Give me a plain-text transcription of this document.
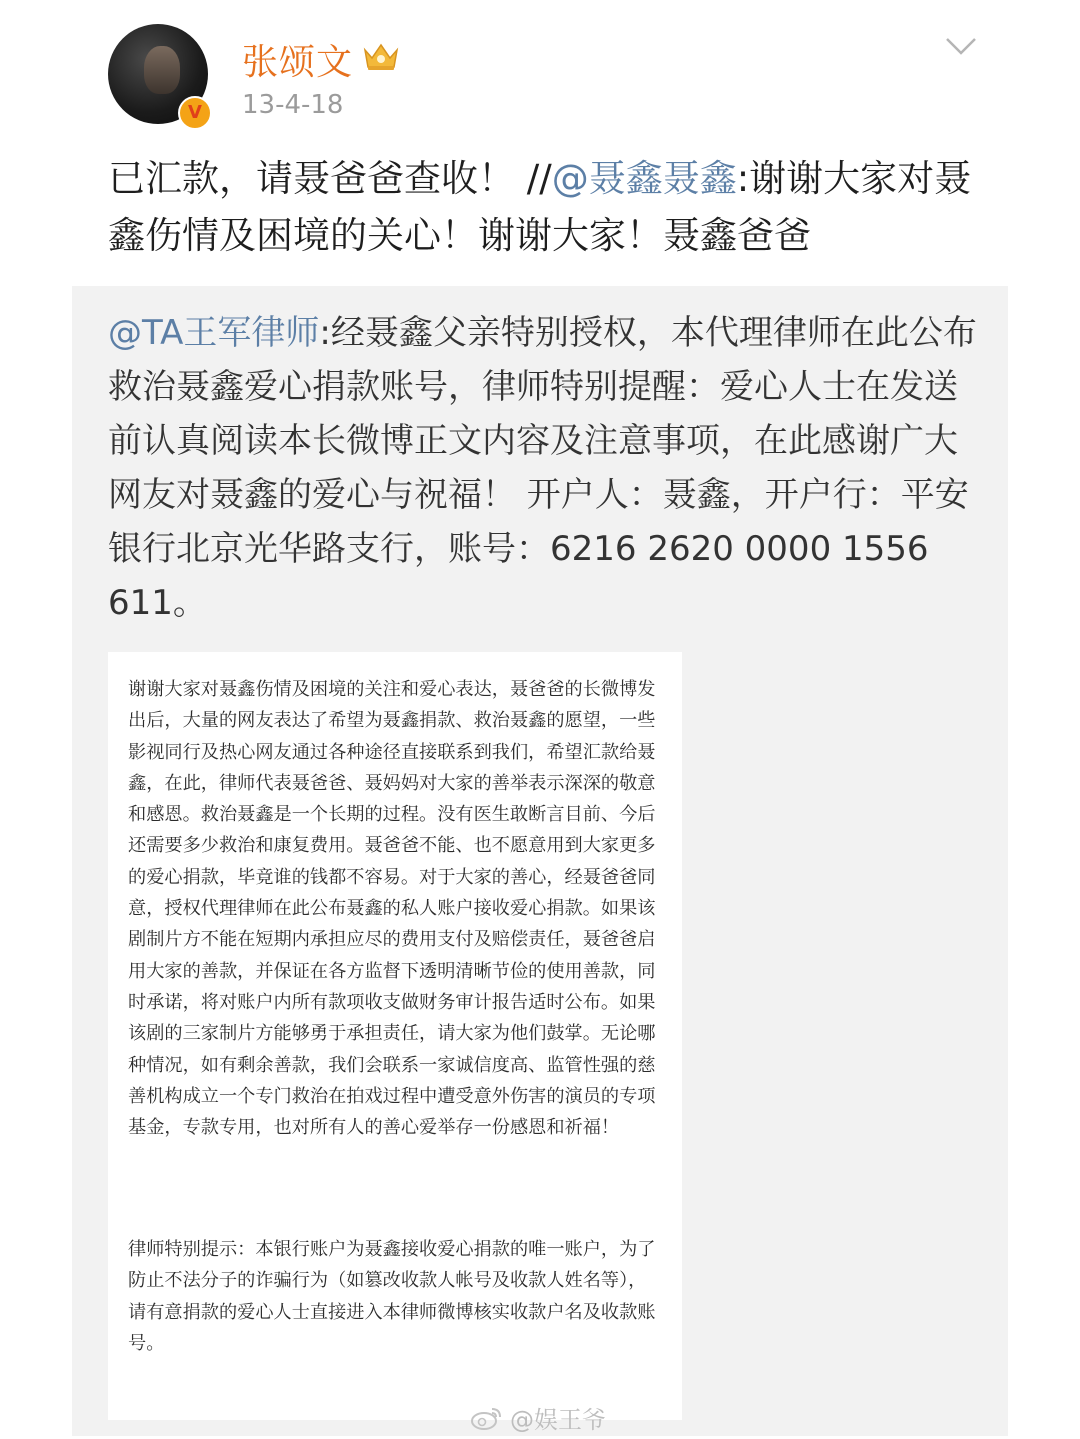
V
张颂文
13-4-18
已汇款，请聂爸爸查收！ //@聂鑫聂鑫:谢谢大家对聂鑫伤情及困境的关心！谢谢大家！聂鑫爸爸
@TA王军律师:经聂鑫父亲特别授权，本代理律师在此公布救治聂鑫爱心捐款账号，律师特别提醒：爱心人士在发送前认真阅读本长微博正文内容及注意事项，在此感谢广大网友对聂鑫的爱心与祝福！ 开户人：聂鑫，开户行：平安银行北京光华路支行，账号：6216 2620 0000 1556 611。
谢谢大家对聂鑫伤情及困境的关注和爱心表达，聂爸爸的长微博发出后，大量的网友表达了希望为聂鑫捐款、救治聂鑫的愿望，一些影视同行及热心网友通过各种途径直接联系到我们，希望汇款给聂鑫，在此，律师代表聂爸爸、聂妈妈对大家的善举表示深深的敬意和感恩。救治聂鑫是一个长期的过程。没有医生敢断言目前、今后还需要多少救治和康复费用。聂爸爸不能、也不愿意用到大家更多的爱心捐款，毕竟谁的钱都不容易。对于大家的善心，经聂爸爸同意，授权代理律师在此公布聂鑫的私人账户接收爱心捐款。如果该剧制片方不能在短期内承担应尽的费用支付及赔偿责任，聂爸爸启用大家的善款，并保证在各方监督下透明清晰节俭的使用善款，同时承诺，将对账户内所有款项收支做财务审计报告适时公布。如果该剧的三家制片方能够勇于承担责任，请大家为他们鼓掌。无论哪种情况，如有剩余善款，我们会联系一家诚信度高、监管性强的慈善机构成立一个专门救治在拍戏过程中遭受意外伤害的演员的专项基金，专款专用，也对所有人的善心爱举存一份感恩和祈福！
律师特别提示：本银行账户为聂鑫接收爱心捐款的唯一账户，为了防止不法分子的诈骗行为（如篡改收款人帐号及收款人姓名等），请有意捐款的爱心人士直接进入本律师微博核实收款户名及收款账号。
@娱王爷
